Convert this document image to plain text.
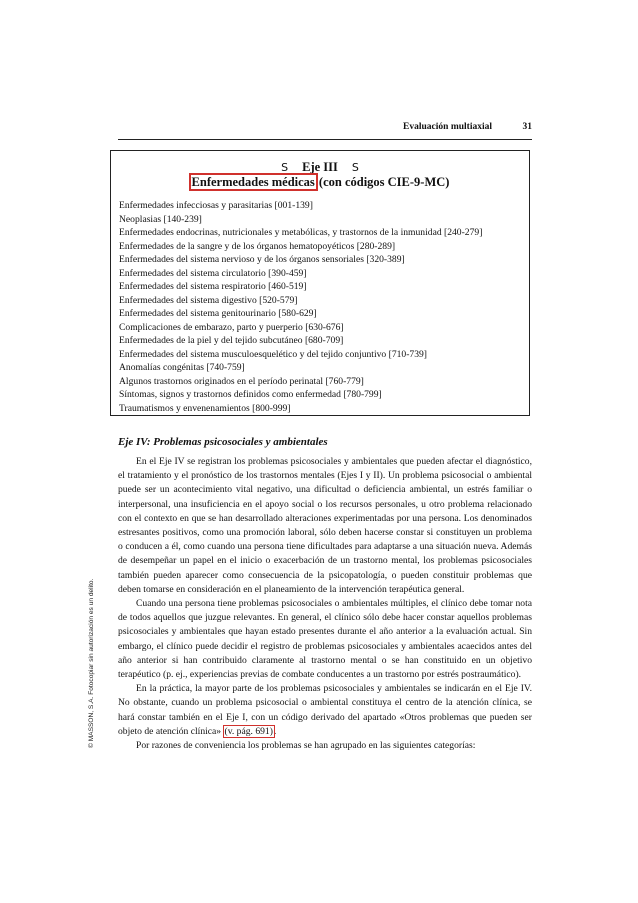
Evaluación multiaxial	31
S Eje III S
Enfermedades médicas (con códigos CIE-9-MC)
Enfermedades infecciosas y parasitarias [001-139]
Neoplasias [140-239]
Enfermedades endocrinas, nutricionales y metabólicas, y trastornos de la inmunidad [240-279]
Enfermedades de la sangre y de los órganos hematopoyéticos [280-289]
Enfermedades del sistema nervioso y de los órganos sensoriales [320-389]
Enfermedades del sistema circulatorio [390-459]
Enfermedades del sistema respiratorio [460-519]
Enfermedades del sistema digestivo [520-579]
Enfermedades del sistema genitourinario [580-629]
Complicaciones de embarazo, parto y puerperio [630-676]
Enfermedades de la piel y del tejido subcutáneo [680-709]
Enfermedades del sistema musculoesquelético y del tejido conjuntivo [710-739]
Anomalías congénitas [740-759]
Algunos trastornos originados en el período perinatal [760-779]
Síntomas, signos y trastornos definidos como enfermedad [780-799]
Traumatismos y envenenamientos [800-999]
Eje IV: Problemas psicosociales y ambientales

En el Eje IV se registran los problemas psicosociales y ambientales que pueden afectar el diagnóstico, el tratamiento y el pronóstico de los trastornos mentales (Ejes I y II). Un problema psicosocial o ambiental puede ser un acontecimiento vital negativo, una dificultad o deficiencia ambiental, un estrés familiar o interpersonal, una insuficiencia en el apoyo social o los recursos personales, u otro problema relacionado con el contexto en que se han desarrollado alteraciones experimentadas por una persona. Los denominados estresantes positivos, como una promoción laboral, sólo deben hacerse constar si constituyen un problema o conducen a él, como cuando una persona tiene dificultades para adaptarse a una situación nueva. Además de desempeñar un papel en el inicio o exacerbación de un trastorno mental, los problemas psicosociales también pueden aparecer como consecuencia de la psicopatología, o pueden constituir problemas que deben tomarse en consideración en el planeamiento de la intervención terapéutica general.

Cuando una persona tiene problemas psicosociales o ambientales múltiples, el clínico debe tomar nota de todos aquellos que juzgue relevantes. En general, el clínico sólo debe hacer constar aquellos problemas psicosociales y ambientales que hayan estado presentes durante el año anterior a la evaluación actual. Sin embargo, el clínico puede decidir el registro de problemas psicosociales y ambientales acaecidos antes del año anterior si han contribuido claramente al trastorno mental o se han constituido en un objetivo terapéutico (p. ej., experiencias previas de combate conducentes a un trastorno por estrés postraumático).

En la práctica, la mayor parte de los problemas psicosociales y ambientales se indicarán en el Eje IV. No obstante, cuando un problema psicosocial o ambiental constituya el centro de la atención clínica, se hará constar también en el Eje I, con un código derivado del apartado «Otros problemas que pueden ser objeto de atención clínica» (v. pág. 691).

Por razones de conveniencia los problemas se han agrupado en las siguientes categorías:

© MASSON, S.A. Fotocopiar sin autorización es un delito.
